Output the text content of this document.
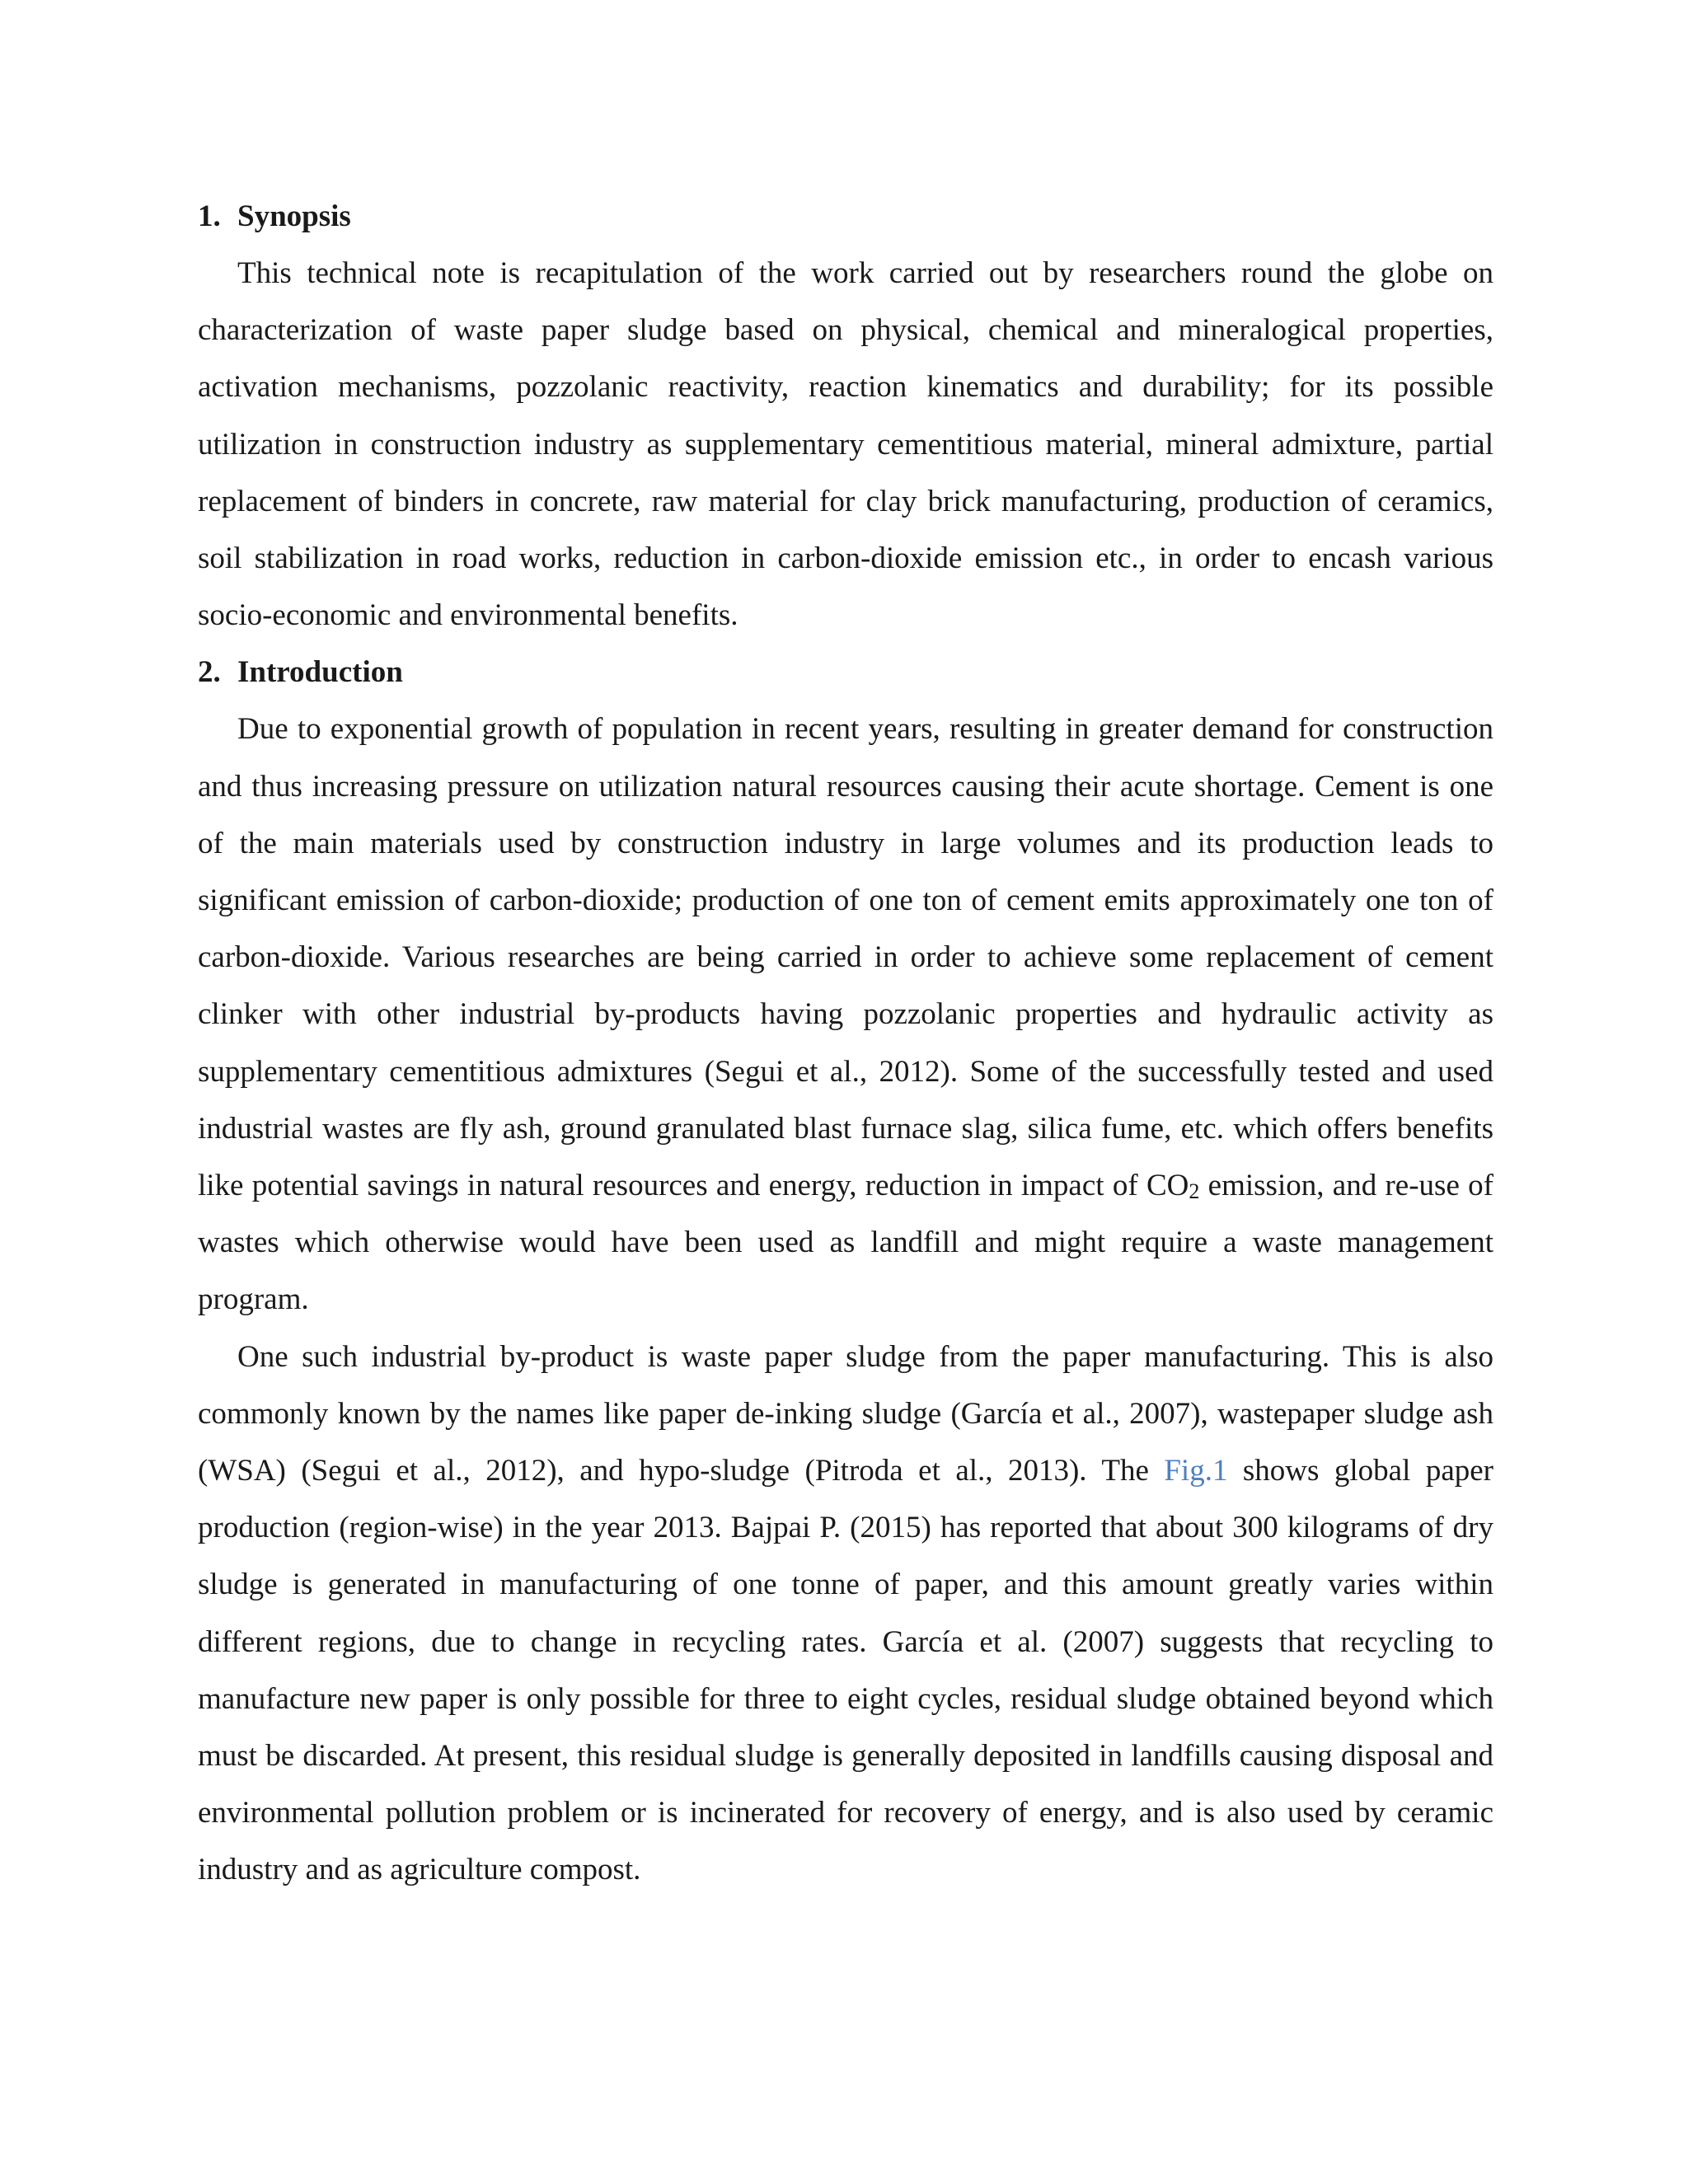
1. Synopsis

This technical note is recapitulation of the work carried out by researchers round the globe on characterization of waste paper sludge based on physical, chemical and mineralogical properties, activation mechanisms, pozzolanic reactivity, reaction kinematics and durability; for its possible utilization in construction industry as supplementary cementitious material, mineral admixture, partial replacement of binders in concrete, raw material for clay brick manufacturing, production of ceramics, soil stabilization in road works, reduction in carbon-dioxide emission etc., in order to encash various socio-economic and environmental benefits.

2. Introduction

Due to exponential growth of population in recent years, resulting in greater demand for construction and thus increasing pressure on utilization natural resources causing their acute shortage. Cement is one of the main materials used by construction industry in large volumes and its production leads to significant emission of carbon-dioxide; production of one ton of cement emits approximately one ton of carbon-dioxide. Various researches are being carried in order to achieve some replacement of cement clinker with other industrial by-products having pozzolanic properties and hydraulic activity as supplementary cementitious admixtures (Segui et al., 2012). Some of the successfully tested and used industrial wastes are fly ash, ground granulated blast furnace slag, silica fume, etc. which offers benefits like potential savings in natural resources and energy, reduction in impact of CO2 emission, and re-use of wastes which otherwise would have been used as landfill and might require a waste management program.

One such industrial by-product is waste paper sludge from the paper manufacturing. This is also commonly known by the names like paper de-inking sludge (García et al., 2007), wastepaper sludge ash (WSA) (Segui et al., 2012), and hypo-sludge (Pitroda et al., 2013). The Fig.1 shows global paper production (region-wise) in the year 2013. Bajpai P. (2015) has reported that about 300 kilograms of dry sludge is generated in manufacturing of one tonne of paper, and this amount greatly varies within different regions, due to change in recycling rates. García et al. (2007) suggests that recycling to manufacture new paper is only possible for three to eight cycles, residual sludge obtained beyond which must be discarded. At present, this residual sludge is generally deposited in landfills causing disposal and environmental pollution problem or is incinerated for recovery of energy, and is also used by ceramic industry and as agriculture compost.
